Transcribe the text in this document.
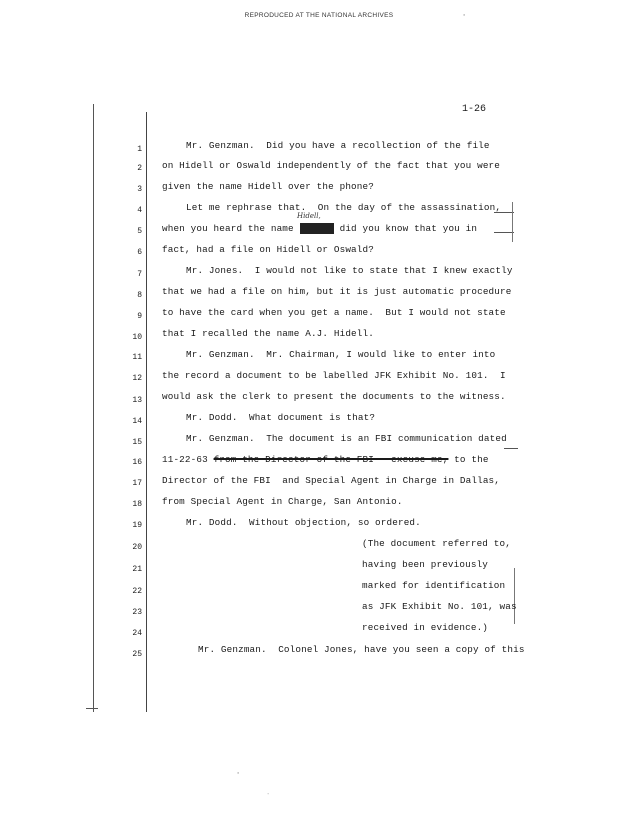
REPRODUCED AT THE NATIONAL ARCHIVES
1-26
1
2
3
4
5
6
7
8
9
10
11
12
13
14
15
16
17
18
19
20
21
22
23
24
25
Mr. Genzman.  Did you have a recollection of the file
on Hidell or Oswald independently of the fact that you were
given the name Hidell over the phone?
Let me rephrase that.  On the day of the assassination,
Hidell,
when you heard the name	did you know that you in
fact, had a file on Hidell or Oswald?
Mr. Jones.  I would not like to state that I knew exactly
that we had a file on him, but it is just automatic procedure
to have the card when you get a name.  But I would not state
that I recalled the name A.J. Hidell.
Mr. Genzman.  Mr. Chairman, I would like to enter into
the record a document to be labelled JFK Exhibit No. 101.  I
would ask the clerk to present the documents to the witness.
Mr. Dodd.  What document is that?
Mr. Genzman.  The document is an FBI communication dated
11-22-63 from the Director of the FBI - excuse me, to the
Director of the FBI  and Special Agent in Charge in Dallas,
from Special Agent in Charge, San Antonio.
Mr. Dodd.  Without objection, so ordered.
(The document referred to,
having been previously
marked for identification
as JFK Exhibit No. 101, was
received in evidence.)
Mr. Genzman.  Colonel Jones, have you seen a copy of this
·
˙
·
